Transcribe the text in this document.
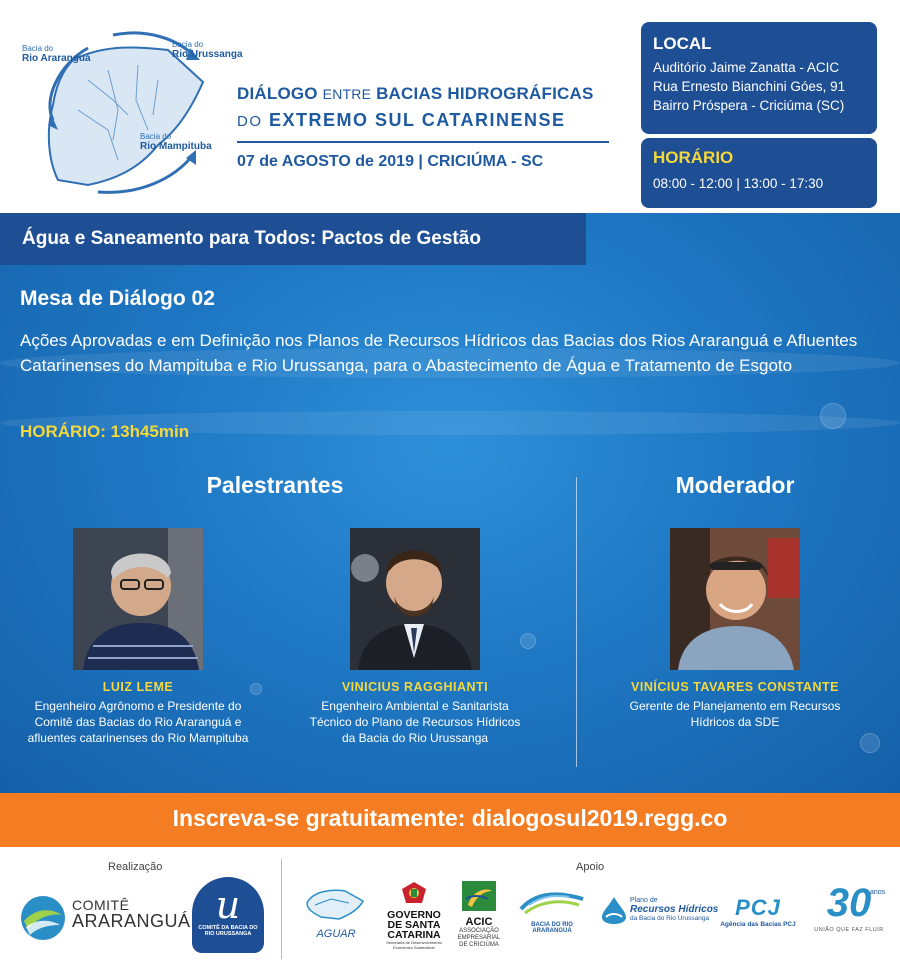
Bacia do
Rio Araranguá
Bacia do
Rio Urussanga
Bacia do
Rio Mampituba
DIÁLOGO ENTRE BACIAS HIDROGRÁFICAS
DO EXTREMO SUL CATARINENSE
07 de AGOSTO de 2019 | CRICIÚMA - SC
LOCAL
Auditório Jaime Zanatta - ACIC
Rua Ernesto Bianchini Góes, 91
Bairro Próspera - Criciúma (SC)
HORÁRIO
08:00 - 12:00 | 13:00 - 17:30
Água e Saneamento para Todos: Pactos de Gestão
Mesa de Diálogo 02
Ações Aprovadas e em Definição nos Planos de Recursos Hídricos das Bacias dos Rios Araranguá e Afluentes Catarinenses do Mampituba e Rio Urussanga, para o Abastecimento de Água e Tratamento de Esgoto
HORÁRIO: 13h45min
Palestrantes	Moderador
LUIZ LEME
Engenheiro Agrônomo e Presidente do
Comitê das Bacias do Rio Araranguá e
afluentes catarinenses do Rio Mampituba
VINICIUS RAGGHIANTI
Engenheiro Ambiental e Sanitarista
Técnico do Plano de Recursos Hídricos
da Bacia do Rio Urussanga
VINÍCIUS TAVARES CONSTANTE
Gerente de Planejamento em Recursos
Hídricos da SDE
Inscreva-se gratuitamente: dialogosul2019.regg.co
Realização	Apoio
COMITÊ
ARARANGUÁ u
COMITÊ DA BACIA DO RIO URUSSANGA	AGUAR
GOVERNO
DE SANTA
CATARINA
Secretaria de Desenvolvimento Econômico Sustentável
ACIC
ASSOCIAÇÃO
EMPRESARIAL
DE CRICIÚMA
BACIA DO RIO ARARANGUÁ
Plano de
Recursos Hídricos
da Bacia do Rio Urussanga	PCJ
Agência das Bacias PCJ 30
anos
UNIÃO QUE FAZ FLUIR
